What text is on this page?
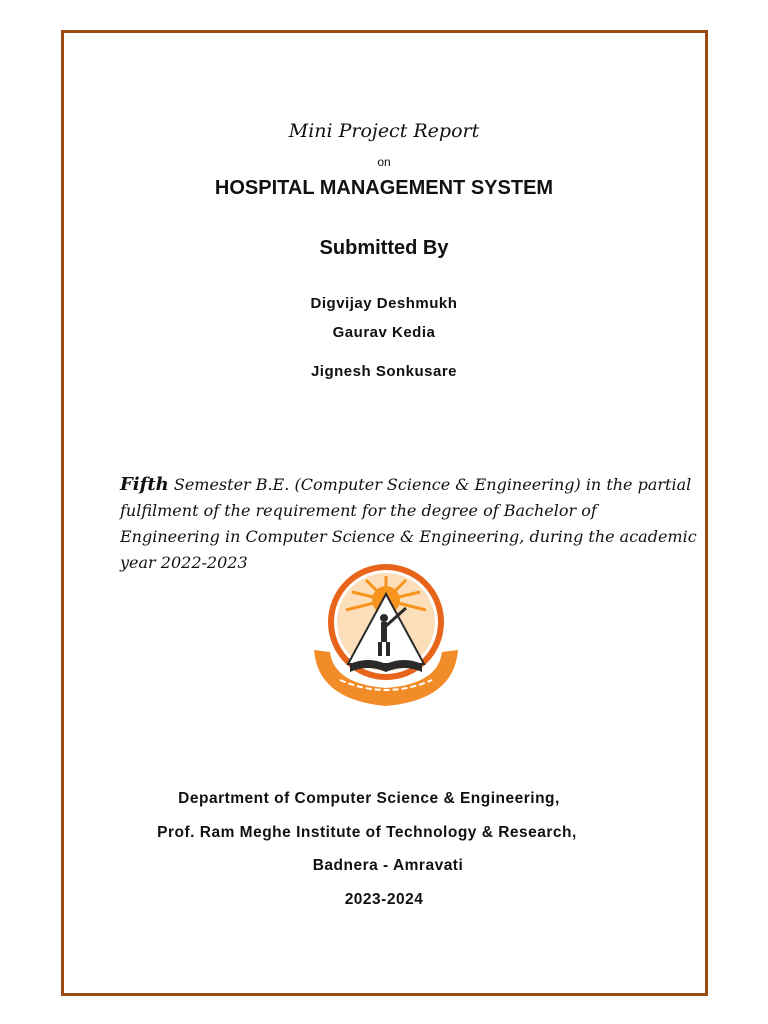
Mini Project Report
on
HOSPITAL MANAGEMENT SYSTEM
Submitted By
Digvijay Deshmukh
Gaurav Kedia
Jignesh Sonkusare
Fifth Semester B.E. (Computer Science & Engineering) in the partial
fulfilment of the requirement for the degree of Bachelor of
Engineering in Computer Science & Engineering, during the academic
year 2022-2023
Department of Computer Science & Engineering,
Prof. Ram Meghe Institute of Technology & Research,
Badnera - Amravati
2023-2024
